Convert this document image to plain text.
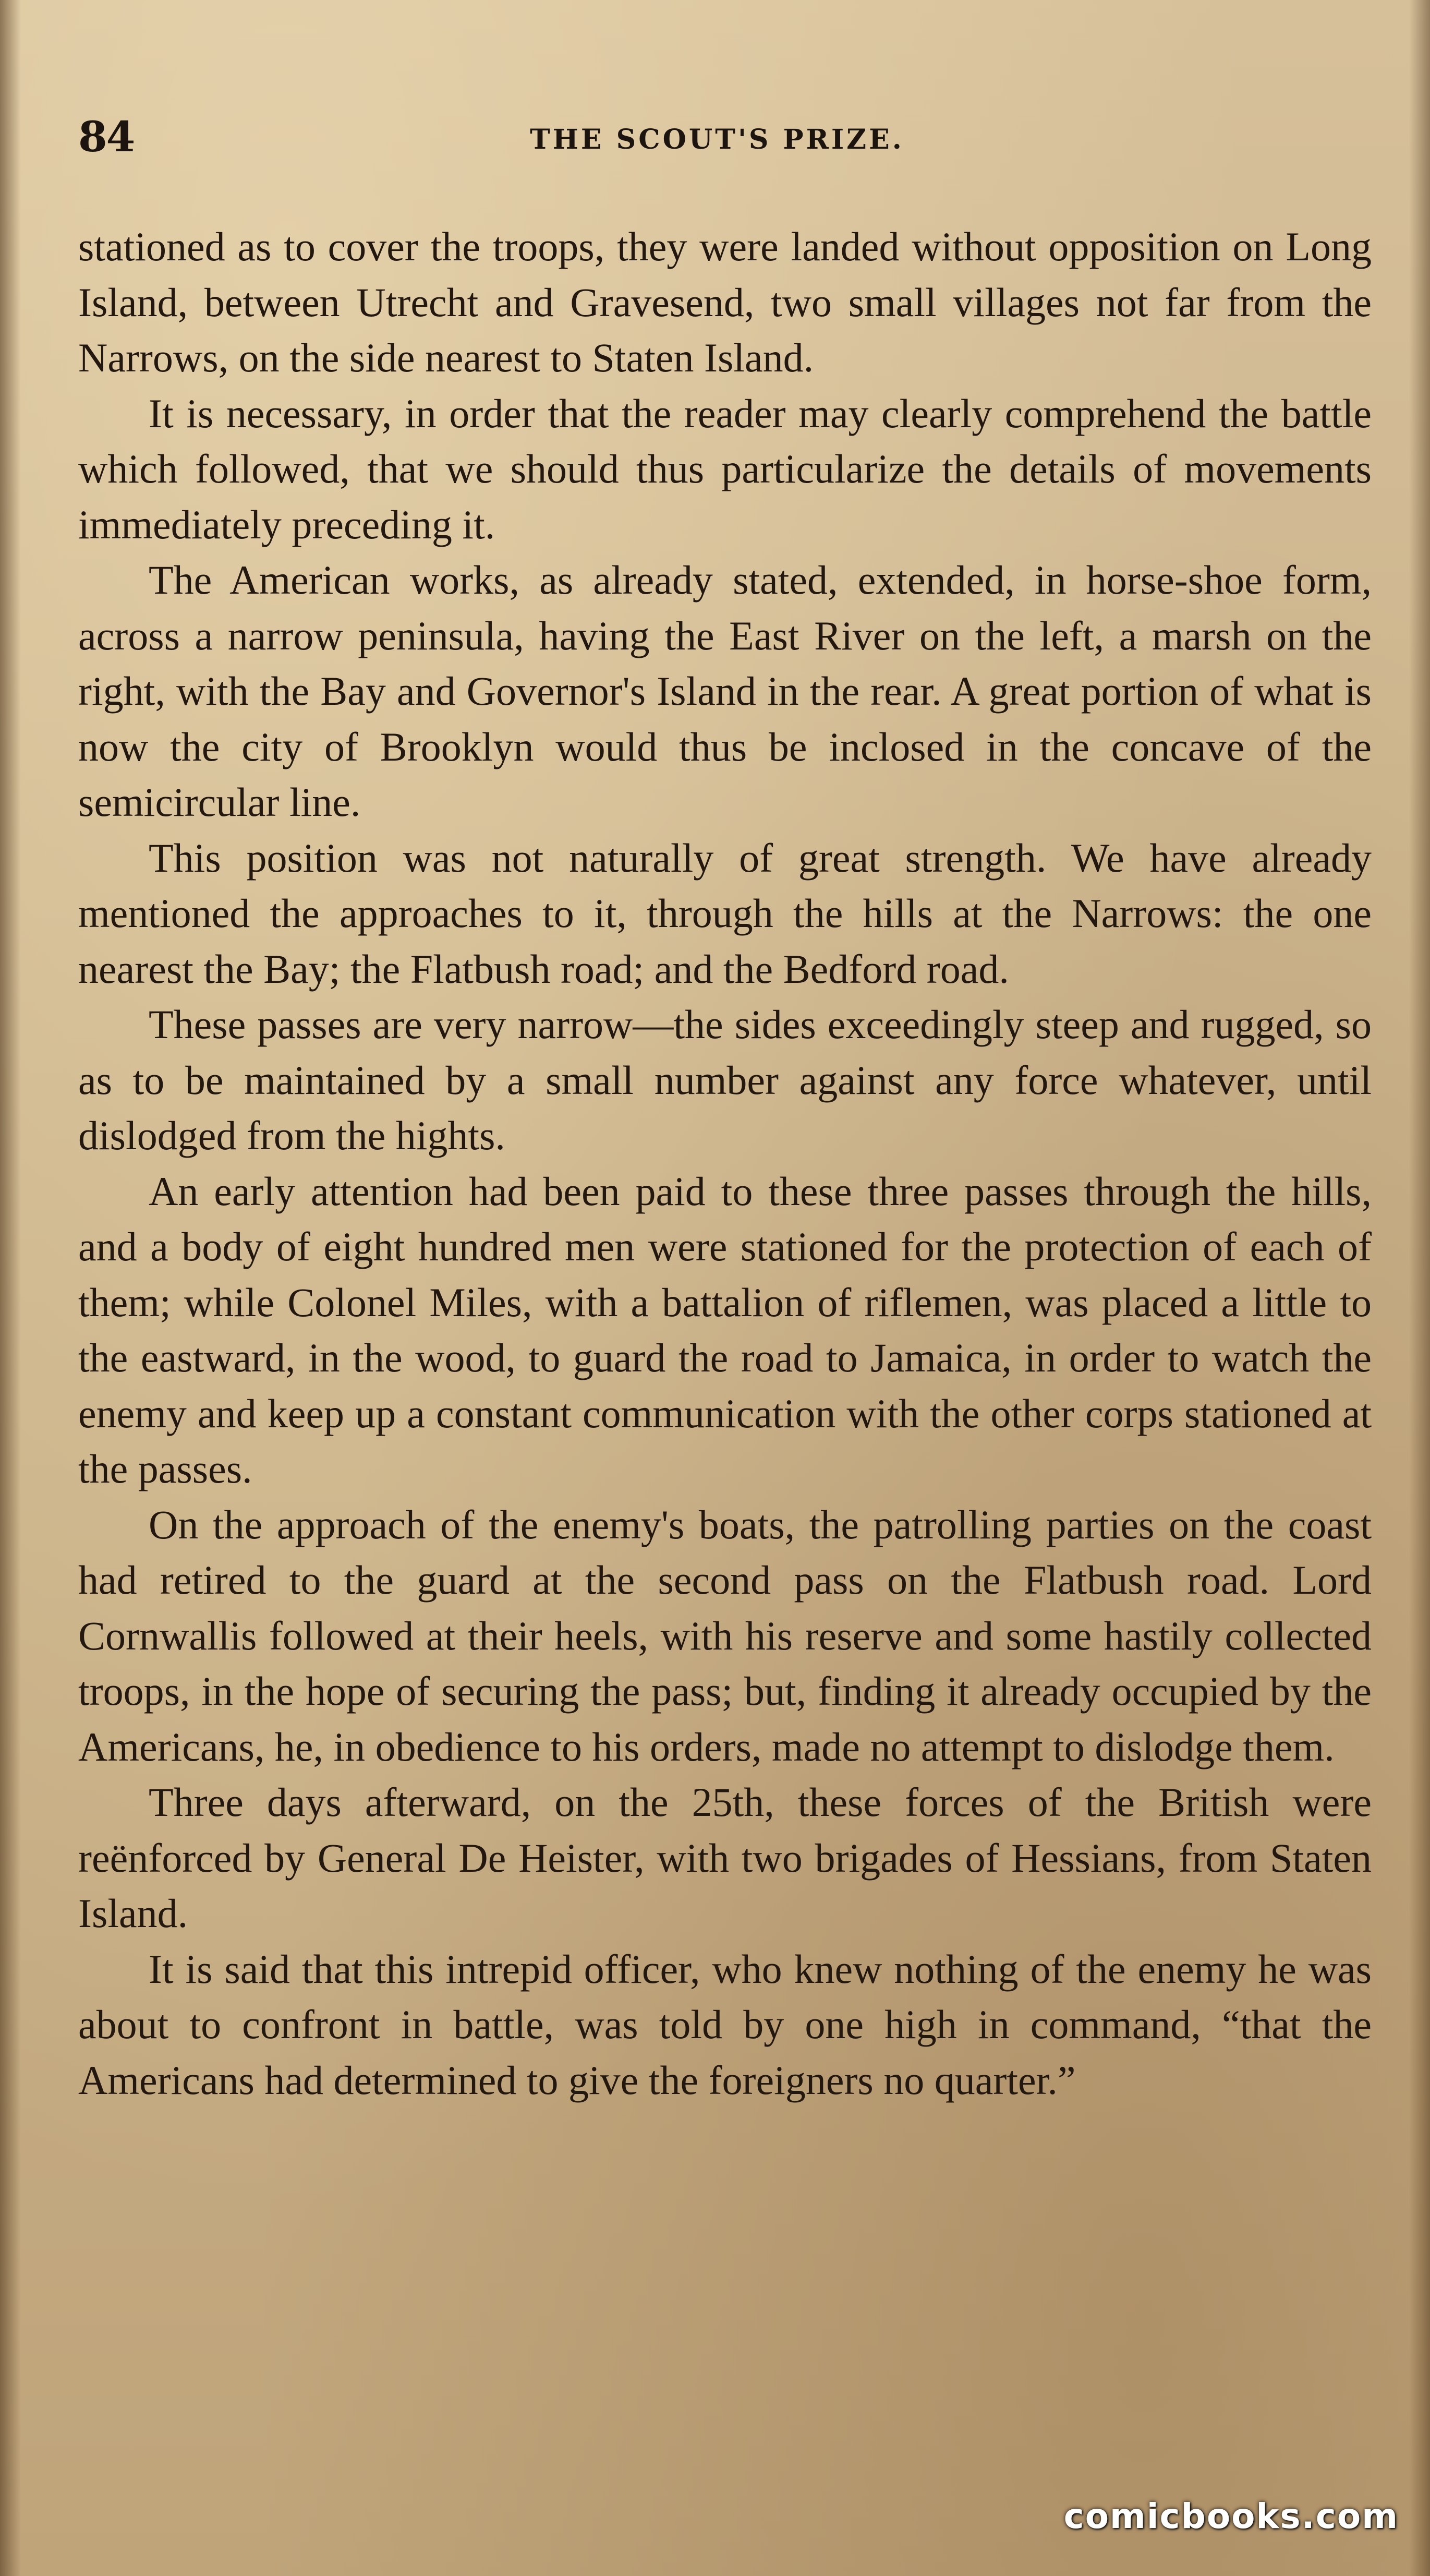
84	THE SCOUT'S PRIZE.

stationed as to cover the troops, they were landed without opposition on Long Island, between Utrecht and Gravesend, two small villages not far from the Narrows, on the side nearest to Staten Island.

It is necessary, in order that the reader may clearly comprehend the battle which followed, that we should thus particularize the details of movements immediately preceding it.

The American works, as already stated, extended, in horse-shoe form, across a narrow peninsula, having the East River on the left, a marsh on the right, with the Bay and Governor's Island in the rear. A great portion of what is now the city of Brooklyn would thus be inclosed in the concave of the semicircular line.

This position was not naturally of great strength. We have already mentioned the approaches to it, through the hills at the Narrows: the one nearest the Bay; the Flatbush road; and the Bedford road.

These passes are very narrow—the sides exceedingly steep and rugged, so as to be maintained by a small number against any force whatever, until dislodged from the hights.

An early attention had been paid to these three passes through the hills, and a body of eight hundred men were stationed for the protection of each of them; while Colonel Miles, with a battalion of riflemen, was placed a little to the eastward, in the wood, to guard the road to Jamaica, in order to watch the enemy and keep up a constant communication with the other corps stationed at the passes.

On the approach of the enemy's boats, the patrolling parties on the coast had retired to the guard at the second pass on the Flatbush road. Lord Cornwallis followed at their heels, with his reserve and some hastily collected troops, in the hope of securing the pass; but, finding it already occupied by the Americans, he, in obedience to his orders, made no attempt to dislodge them.

Three days afterward, on the 25th, these forces of the British were reënforced by General De Heister, with two brigades of Hessians, from Staten Island.

It is said that this intrepid officer, who knew nothing of the enemy he was about to confront in battle, was told by one high in command, “that the Americans had determined to give the foreigners no quarter.”

comicbooks.com
